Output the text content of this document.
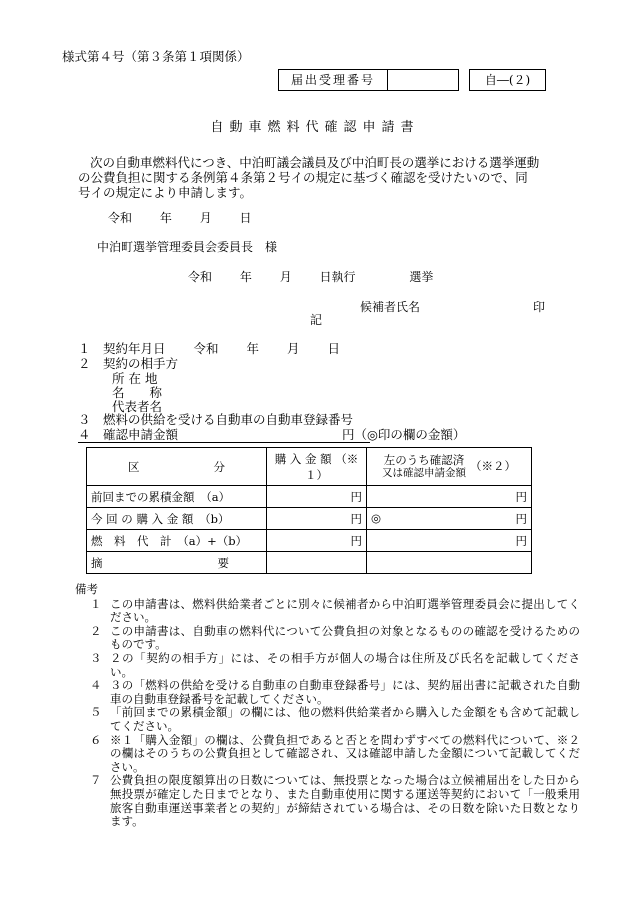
様式第４号（第３条第１項関係）
届出受理番号	自―(２)
自動車燃料代確認申請書

次の自動車燃料代につき、中泊町議会議員及び中泊町長の選挙における選挙運動

の公費負担に関する条例第４条第２号イの規定に基づく確認を受けたいので、同

号イの規定により申請します。

令和 年 月 日
中泊町選挙管理委員会委員長　様
令和 年 月 日執行	選挙
候補者氏名	印
記
１　契約年月日 令和 年 月 日
２　契約の相手方
所 在 地
名　　称
代表者名
３　燃料の供給を受ける自動車の自動車登録番号
４　確認申請金額	円（◎印の欄の金額）
区 分	購 入 金 額 （※１）	左のうち確認済
又は確認申請金額 （※２）

前回までの累積金額　（a）	円	円
今 回 の 購 入 金 額　（b）	円	◎ 円
燃　料　代　計　（a）+（b）	円	円
摘　　　　　　　　　　要		
備考
１ この申請書は、燃料供給業者ごとに別々に候補者から中泊町選挙管理委員会に提出してください。
２ この申請書は、自動車の燃料代について公費負担の対象となるものの確認を受けるためのものです。
３ ２の「契約の相手方」には、その相手方が個人の場合は住所及び氏名を記載してください。
４ ３の「燃料の供給を受ける自動車の自動車登録番号」には、契約届出書に記載された自動車の自動車登録番号を記載してください。
５ 「前回までの累積金額」の欄には、他の燃料供給業者から購入した金額をも含めて記載してください。
６ ※１「購入金額」の欄は、公費負担であると否とを問わずすべての燃料代について、※２の欄はそのうちの公費負担として確認され、又は確認申請した金額について記載してください。
７ 公費負担の限度額算出の日数については、無投票となった場合は立候補届出をした日から無投票が確定した日までとなり、また自動車使用に関する運送等契約において「一般乗用旅客自動車運送事業者との契約」が締結されている場合は、その日数を除いた日数となります。
